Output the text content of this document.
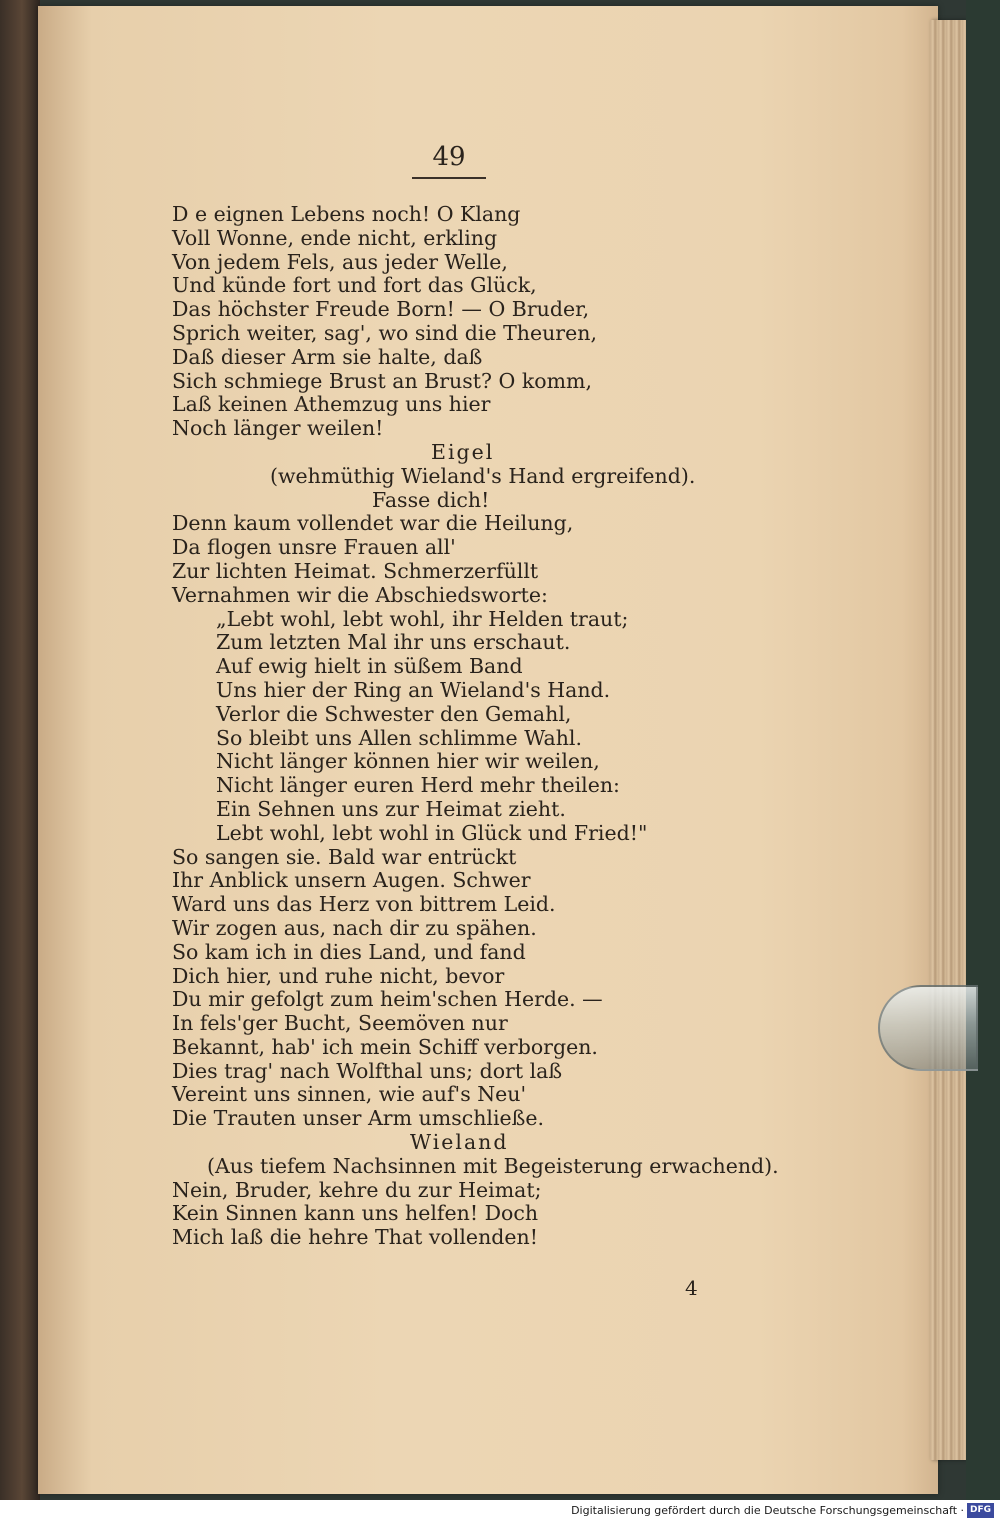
49
D e eignen Lebens noch! O Klang
Voll Wonne, ende nicht, erkling
Von jedem Fels, aus jeder Welle,
Und künde fort und fort das Glück,
Das höchster Freude Born! — O Bruder,
Sprich weiter, sag', wo sind die Theuren,
Daß dieser Arm sie halte, daß
Sich schmiege Brust an Brust? O komm,
Laß keinen Athemzug uns hier
Noch länger weilen!
Eigel
(wehmüthig Wieland's Hand ergreifend).
Fasse dich!
Denn kaum vollendet war die Heilung,
Da flogen unsre Frauen all'
Zur lichten Heimat. Schmerzerfüllt
Vernahmen wir die Abschiedsworte:
„Lebt wohl, lebt wohl, ihr Helden traut;
Zum letzten Mal ihr uns erschaut.
Auf ewig hielt in süßem Band
Uns hier der Ring an Wieland's Hand.
Verlor die Schwester den Gemahl,
So bleibt uns Allen schlimme Wahl.
Nicht länger können hier wir weilen,
Nicht länger euren Herd mehr theilen:
Ein Sehnen uns zur Heimat zieht.
Lebt wohl, lebt wohl in Glück und Fried!"
So sangen sie. Bald war entrückt
Ihr Anblick unsern Augen. Schwer
Ward uns das Herz von bittrem Leid.
Wir zogen aus, nach dir zu spähen.
So kam ich in dies Land, und fand
Dich hier, und ruhe nicht, bevor
Du mir gefolgt zum heim'schen Herde. —
In fels'ger Bucht, Seemöven nur
Bekannt, hab' ich mein Schiff verborgen.
Dies trag' nach Wolfthal uns; dort laß
Vereint uns sinnen, wie auf's Neu'
Die Trauten unser Arm umschließe.
Wieland
(Aus tiefem Nachsinnen mit Begeisterung erwachend).
Nein, Bruder, kehre du zur Heimat;
Kein Sinnen kann uns helfen! Doch
Mich laß die hehre That vollenden!
4
Digitalisierung gefördert durch die Deutsche Forschungsgemeinschaft · DFG
